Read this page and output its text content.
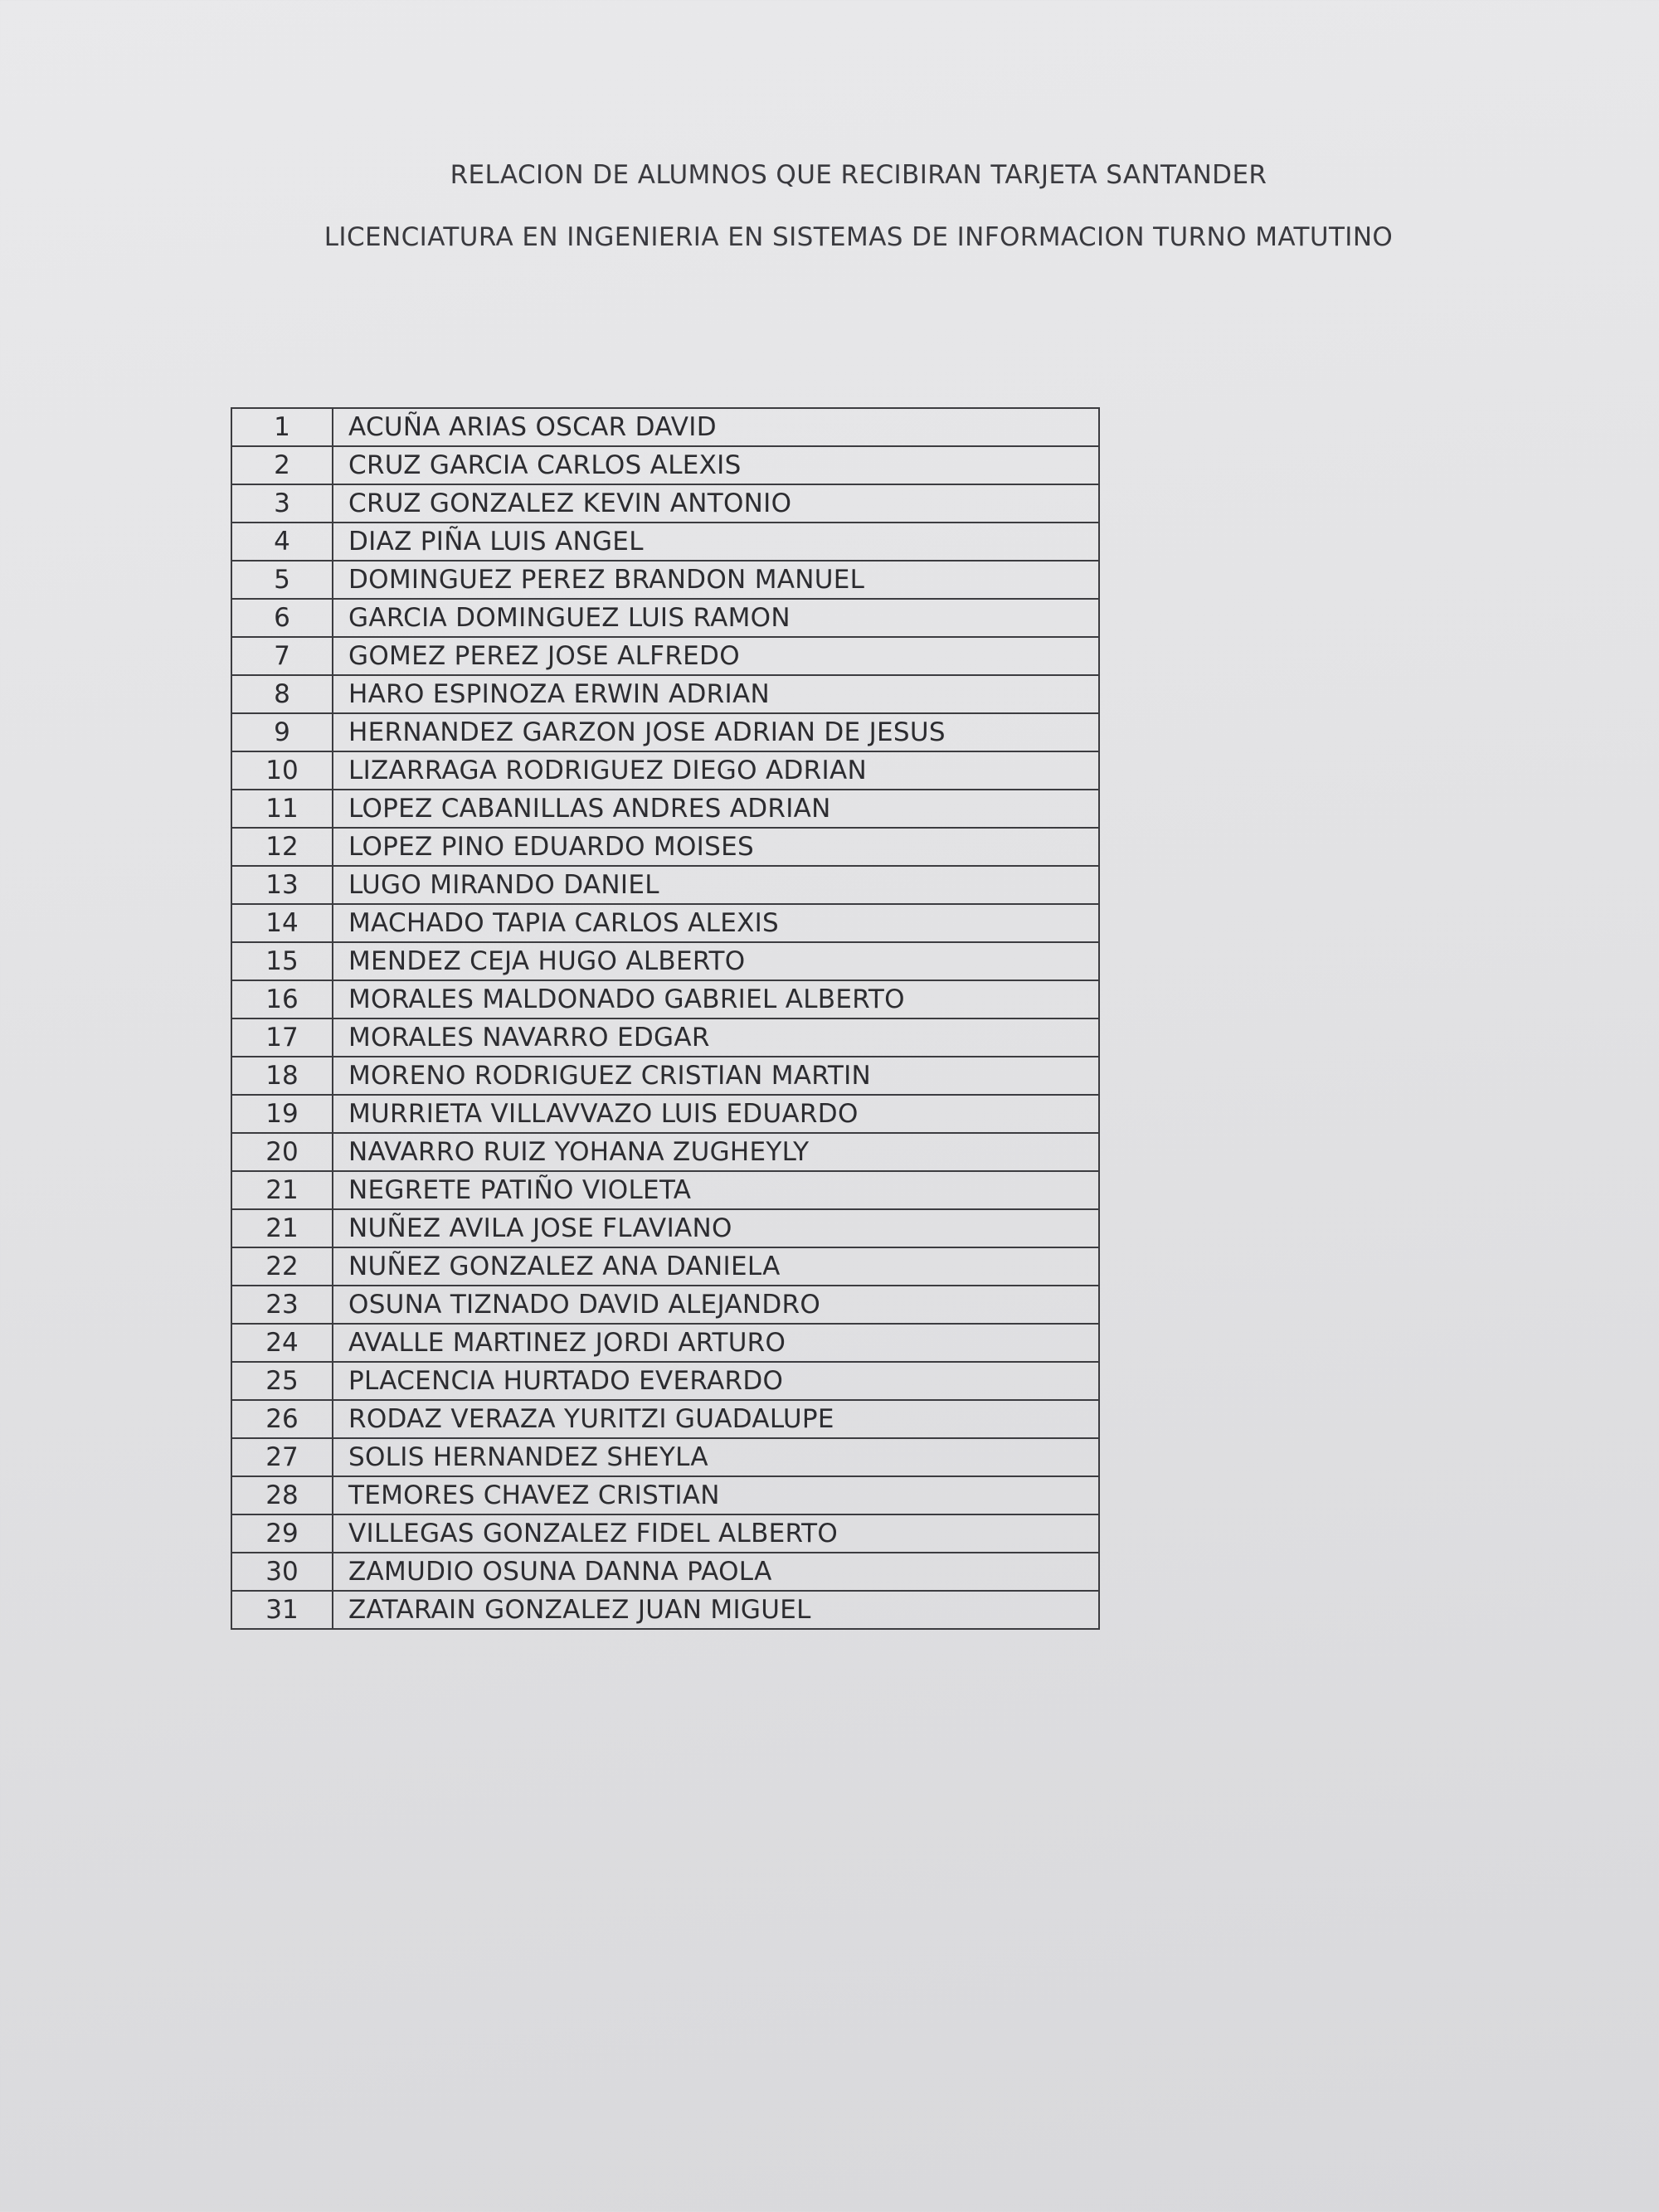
RELACION DE ALUMNOS QUE RECIBIRAN TARJETA SANTANDER
LICENCIATURA EN INGENIERIA EN SISTEMAS DE INFORMACION TURNO MATUTINO
1	ACUÑA ARIAS OSCAR DAVID
2	CRUZ GARCIA CARLOS ALEXIS
3	CRUZ GONZALEZ KEVIN ANTONIO
4	DIAZ PIÑA LUIS ANGEL
5	DOMINGUEZ PEREZ BRANDON MANUEL
6	GARCIA DOMINGUEZ LUIS RAMON
7	GOMEZ PEREZ JOSE ALFREDO
8	HARO ESPINOZA ERWIN ADRIAN
9	HERNANDEZ GARZON JOSE ADRIAN DE JESUS
10	LIZARRAGA RODRIGUEZ DIEGO ADRIAN
11	LOPEZ CABANILLAS ANDRES ADRIAN
12	LOPEZ PINO EDUARDO MOISES
13	LUGO MIRANDO DANIEL
14	MACHADO TAPIA CARLOS ALEXIS
15	MENDEZ CEJA HUGO ALBERTO
16	MORALES MALDONADO GABRIEL ALBERTO
17	MORALES NAVARRO EDGAR
18	MORENO RODRIGUEZ CRISTIAN MARTIN
19	MURRIETA VILLAVVAZO LUIS EDUARDO
20	NAVARRO RUIZ YOHANA ZUGHEYLY
21	NEGRETE PATIÑO VIOLETA
21	NUÑEZ AVILA JOSE FLAVIANO
22	NUÑEZ GONZALEZ ANA DANIELA
23	OSUNA TIZNADO DAVID ALEJANDRO
24	AVALLE MARTINEZ JORDI ARTURO
25	PLACENCIA HURTADO EVERARDO
26	RODAZ VERAZA YURITZI GUADALUPE
27	SOLIS HERNANDEZ SHEYLA
28	TEMORES CHAVEZ CRISTIAN
29	VILLEGAS GONZALEZ FIDEL ALBERTO
30	ZAMUDIO OSUNA DANNA PAOLA
31	ZATARAIN GONZALEZ JUAN MIGUEL
